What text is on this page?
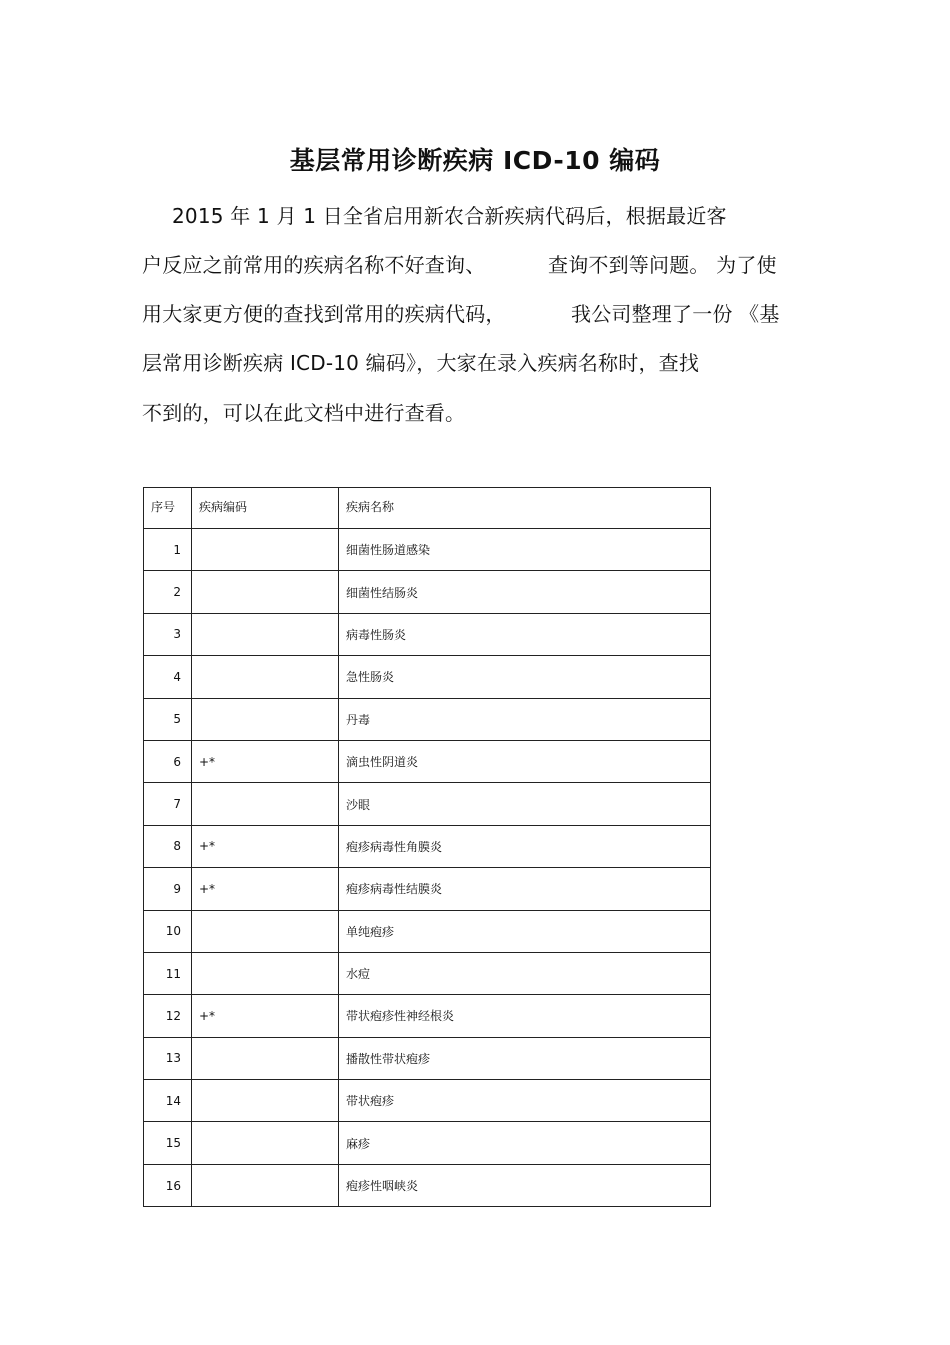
基层常用诊断疾病 ICD-10 编码
2015 年 1 月 1 日全省启用新农合新疾病代码后，根据最近客
户反应之前常用的疾病名称不好查询、	查询不到等问题。 为了使
用大家更方便的查找到常用的疾病代码，	我公司整理了一份 《基
层常用诊断疾病 ICD-10 编码》，大家在录入疾病名称时，查找
不到的，可以在此文档中进行查看。
序号	疾病编码	疾病名称
1		细菌性肠道感染
2		细菌性结肠炎
3		病毒性肠炎
4		急性肠炎
5		丹毒
6	+*	滴虫性阴道炎
7		沙眼
8	+*	疱疹病毒性角膜炎
9	+*	疱疹病毒性结膜炎
10		单纯疱疹
11		水痘
12	+*	带状疱疹性神经根炎
13		播散性带状疱疹
14		带状疱疹
15		麻疹
16		疱疹性咽峡炎
